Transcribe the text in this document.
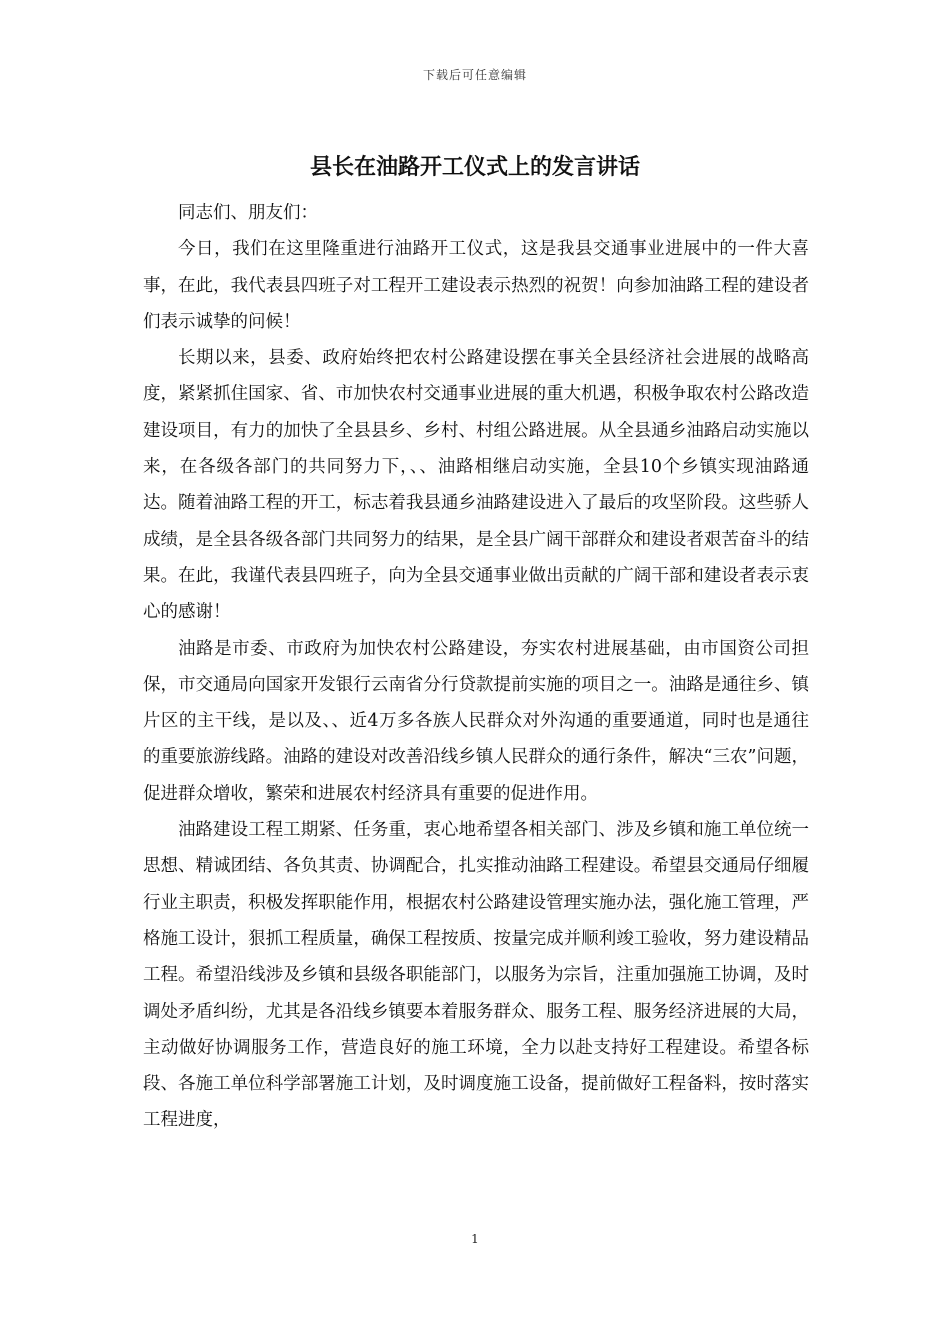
下载后可任意编辑
县长在油路开工仪式上的发言讲话

同志们、朋友们：

今日，我们在这里隆重进行油路开工仪式，这是我县交通事业进展中的一件大喜事，在此，我代表县四班子对工程开工建设表示热烈的祝贺！向参加油路工程的建设者们表示诚挚的问候！

长期以来，县委、政府始终把农村公路建设摆在事关全县经济社会进展的战略高度，紧紧抓住国家、省、市加快农村交通事业进展的重大机遇，积极争取农村公路改造建设项目，有力的加快了全县县乡、乡村、村组公路进展。从全县通乡油路启动实施以来，在各级各部门的共同努力下，、、油路相继启动实施，全县10个乡镇实现油路通达。随着油路工程的开工，标志着我县通乡油路建设进入了最后的攻坚阶段。这些骄人成绩，是全县各级各部门共同努力的结果，是全县广阔干部群众和建设者艰苦奋斗的结果。在此，我谨代表县四班子，向为全县交通事业做出贡献的广阔干部和建设者表示衷心的感谢！

油路是市委、市政府为加快农村公路建设，夯实农村进展基础，由市国资公司担保，市交通局向国家开发银行云南省分行贷款提前实施的项目之一。油路是通往乡、镇片区的主干线，是以及、、近4万多各族人民群众对外沟通的重要通道，同时也是通往的重要旅游线路。油路的建设对改善沿线乡镇人民群众的通行条件，解决“三农”问题，促进群众增收，繁荣和进展农村经济具有重要的促进作用。

油路建设工程工期紧、任务重，衷心地希望各相关部门、涉及乡镇和施工单位统一思想、精诚团结、各负其责、协调配合，扎实推动油路工程建设。希望县交通局仔细履行业主职责，积极发挥职能作用，根据农村公路建设管理实施办法，强化施工管理，严格施工设计，狠抓工程质量，确保工程按质、按量完成并顺利竣工验收，努力建设精品工程。希望沿线涉及乡镇和县级各职能部门，以服务为宗旨，注重加强施工协调，及时调处矛盾纠纷，尤其是各沿线乡镇要本着服务群众、服务工程、服务经济进展的大局，主动做好协调服务工作，营造良好的施工环境，全力以赴支持好工程建设。希望各标段、各施工单位科学部署施工计划，及时调度施工设备，提前做好工程备料，按时落实工程进度，

1
